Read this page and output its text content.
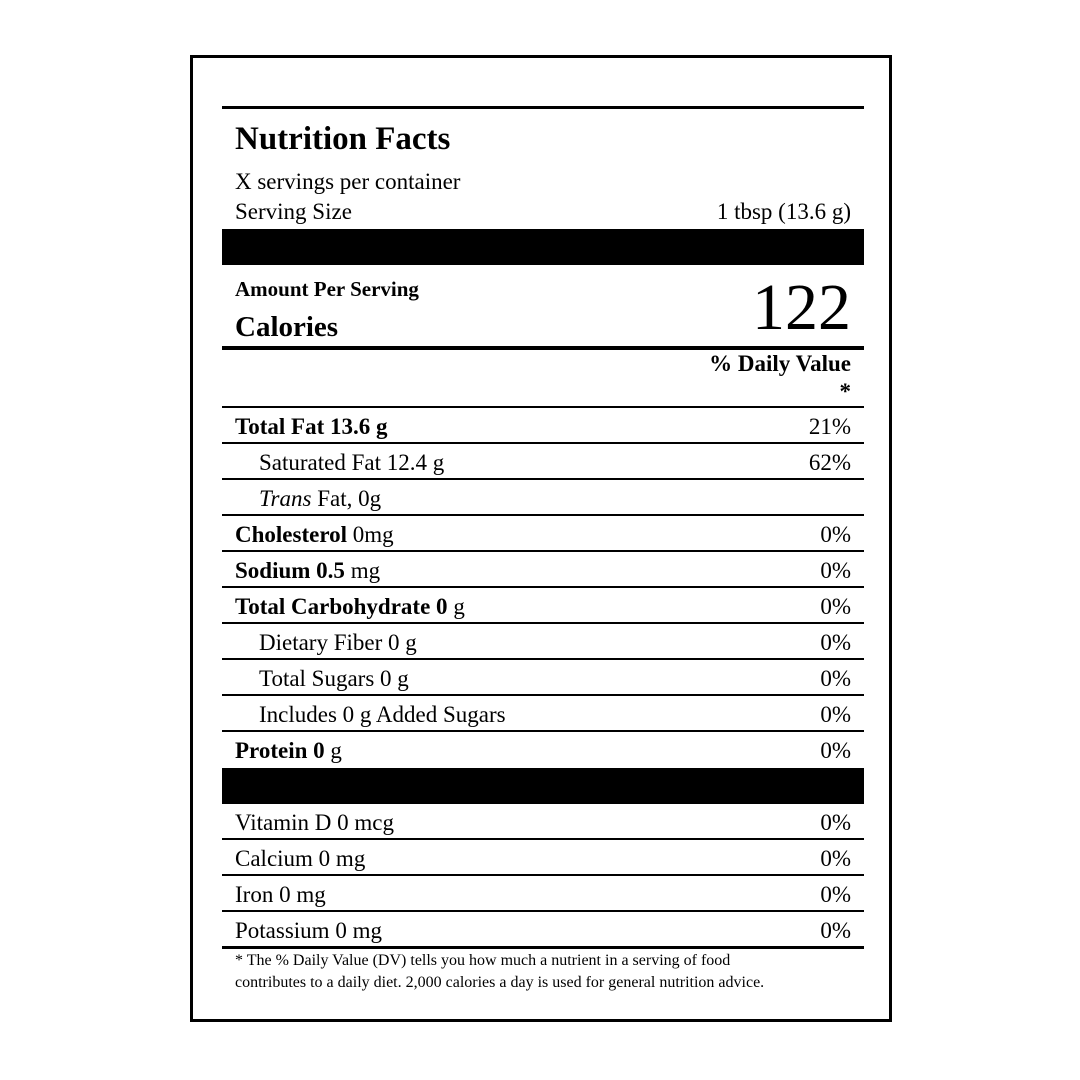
Nutrition Facts
X servings per container
Serving Size	1 tbsp (13.6 g)
Amount Per Serving
Calories	122
% Daily Value
*
Total Fat 13.6 g	21%
Saturated Fat 12.4 g	62%
Trans Fat, 0g
Cholesterol 0mg	0%
Sodium 0.5 mg	0%
Total Carbohydrate 0 g	0%
Dietary Fiber 0 g	0%
Total Sugars 0 g	0%
Includes 0 g Added Sugars	0%
Protein 0 g	0%
Vitamin D 0 mcg	0%
Calcium 0 mg	0%
Iron 0 mg	0%
Potassium 0 mg	0%
* The % Daily Value (DV) tells you how much a nutrient in a serving of food
contributes to a daily diet. 2,000 calories a day is used for general nutrition advice.
